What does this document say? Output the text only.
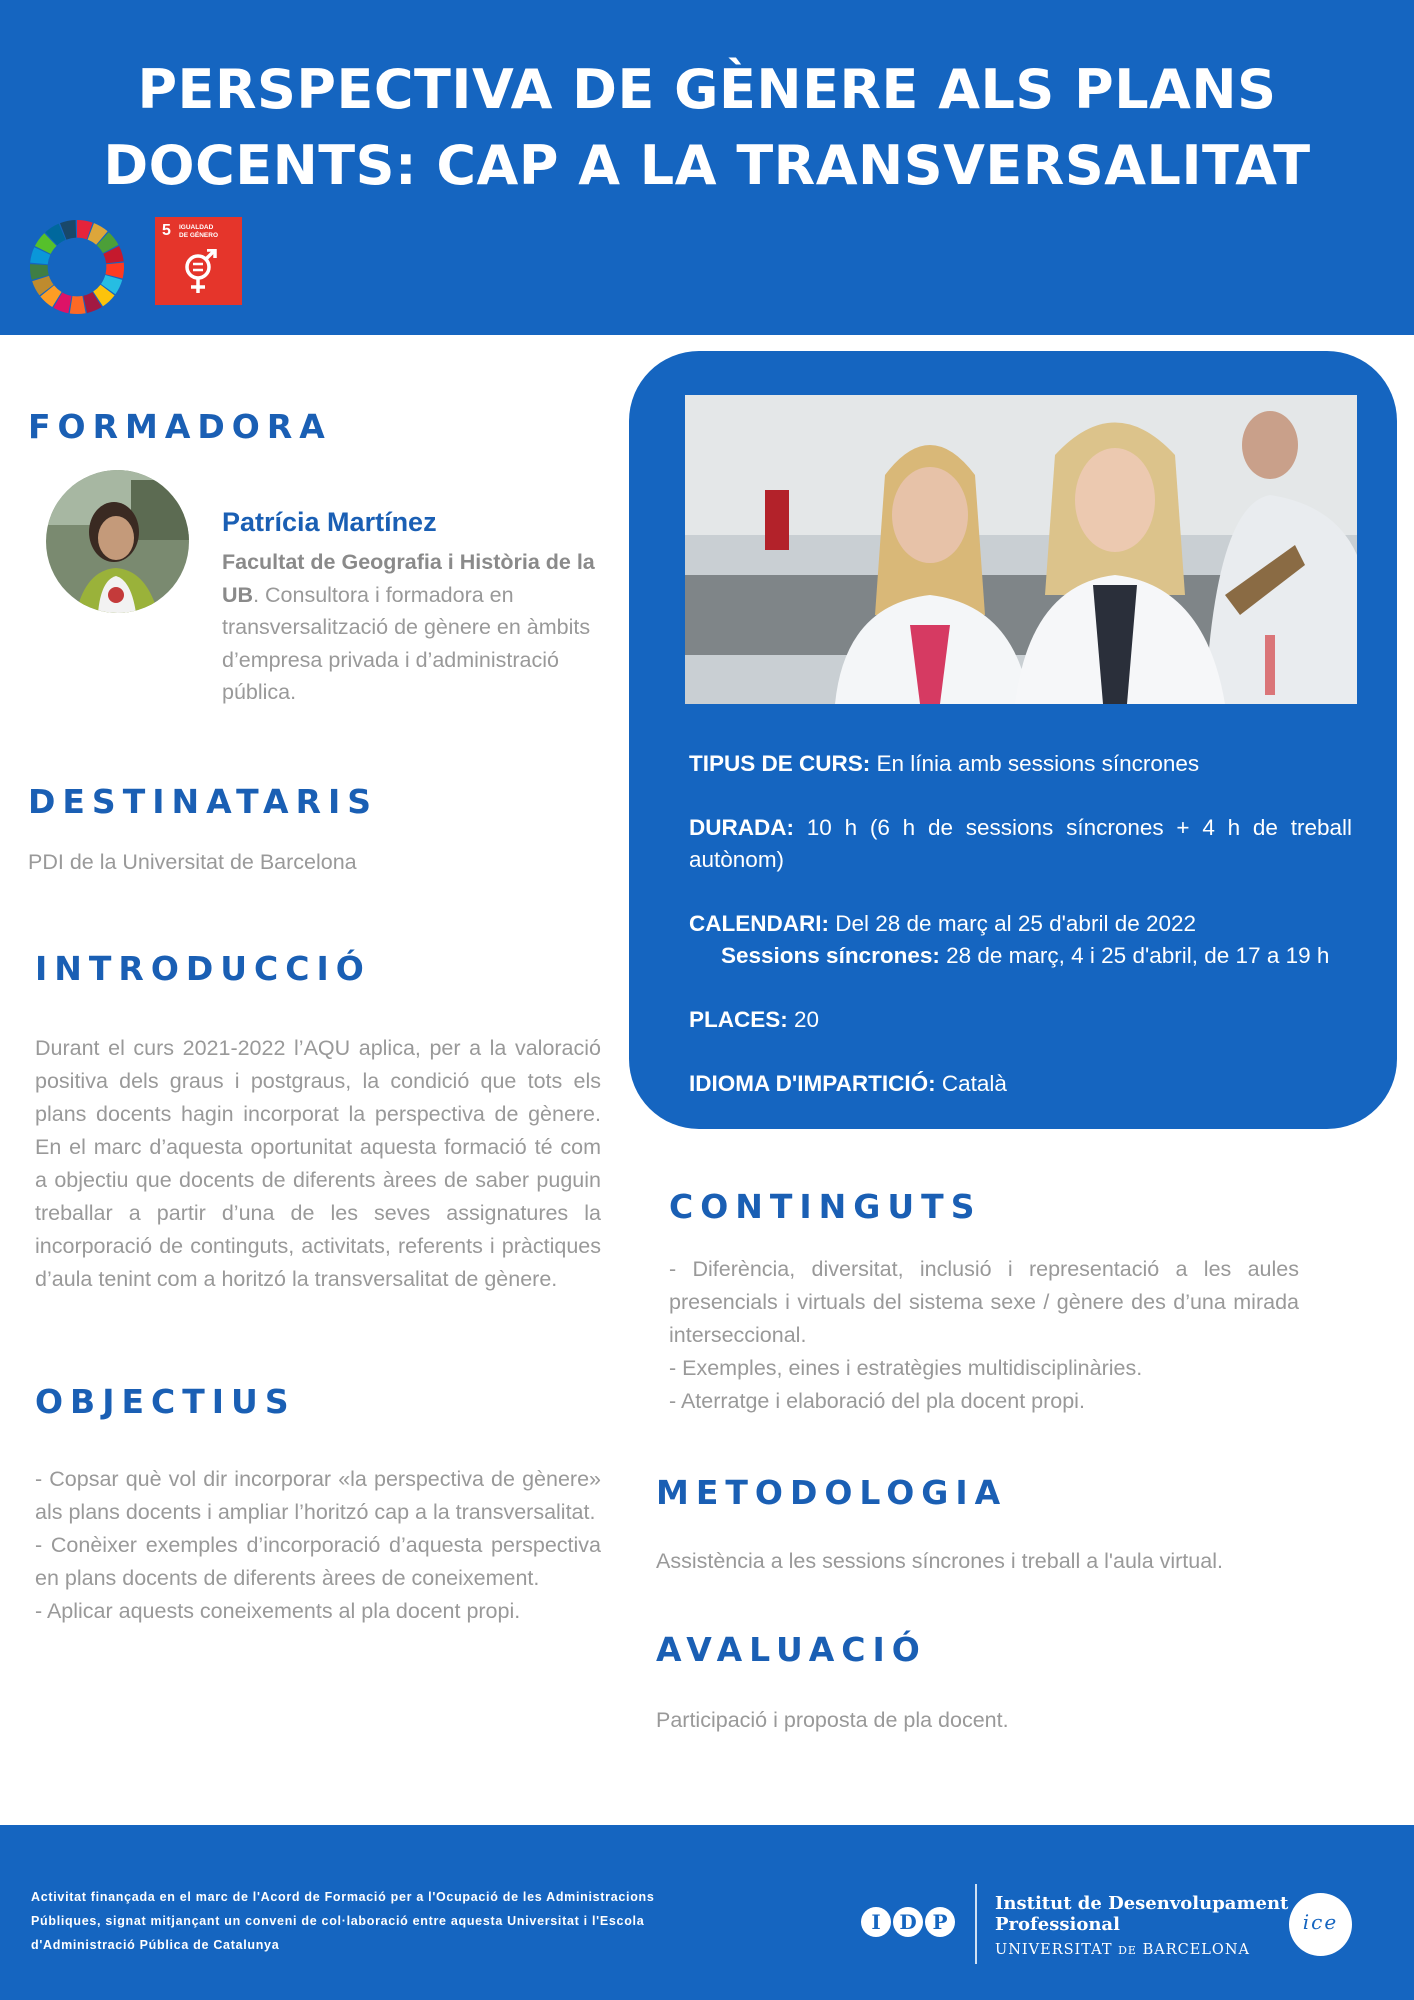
PERSPECTIVA DE GÈNERE ALS PLANS
DOCENTS: CAP A LA TRANSVERSALITAT
5 IGUALDAD
DE GÉNERO
FORMADORA
Patrícia Martínez
Facultat de Geografia i Història de la UB. Consultora i formadora en transversalització de gènere en àmbits d’empresa privada i d’administració pública.
DESTINATARIS
PDI de la Universitat de Barcelona
INTRODUCCIÓ
Durant el curs 2021-2022 l’AQU aplica, per a la valoració positiva dels graus i postgraus, la condició que tots els plans docents hagin incorporat la perspectiva de gènere. En el marc d’aquesta oportunitat aquesta formació té com a objectiu que docents de diferents àrees de saber puguin treballar a partir d’una de les seves assignatures la incorporació de continguts, activitats, referents i pràctiques d’aula tenint com a horitzó la transversalitat de gènere.
OBJECTIUS
- Copsar què vol dir incorporar «la perspectiva de gènere» als plans docents i ampliar l’horitzó cap a la transversalitat.
- Conèixer exemples d’incorporació d’aquesta perspectiva en plans docents de diferents àrees de coneixement.
- Aplicar aquests coneixements al pla docent propi.
TIPUS DE CURS: En línia amb sessions síncrones
DURADA: 10 h (6 h de sessions síncrones + 4 h de treball autònom)
CALENDARI: Del 28 de març al 25 d'abril de 2022
Sessions síncrones: 28 de març, 4 i 25 d'abril, de 17 a 19 h
PLACES: 20
IDIOMA D'IMPARTICIÓ: Català
CONTINGUTS
- Diferència, diversitat, inclusió i representació a les aules presencials i virtuals del sistema sexe / gènere des d’una mirada interseccional.
- Exemples, eines i estratègies multidisciplinàries.
- Aterratge i elaboració del pla docent propi.
METODOLOGIA
Assistència a les sessions síncrones i treball a l'aula virtual.
AVALUACIÓ
Participació i proposta de pla docent.
Activitat finançada en el marc de l'Acord de Formació per a l'Ocupació de les Administracions Públiques, signat mitjançant un conveni de col·laboració entre aquesta Universitat i l'Escola d'Administració Pública de Catalunya
I D P
Institut de Desenvolupament
Professional
UNIVERSITAT DE BARCELONA
ice
